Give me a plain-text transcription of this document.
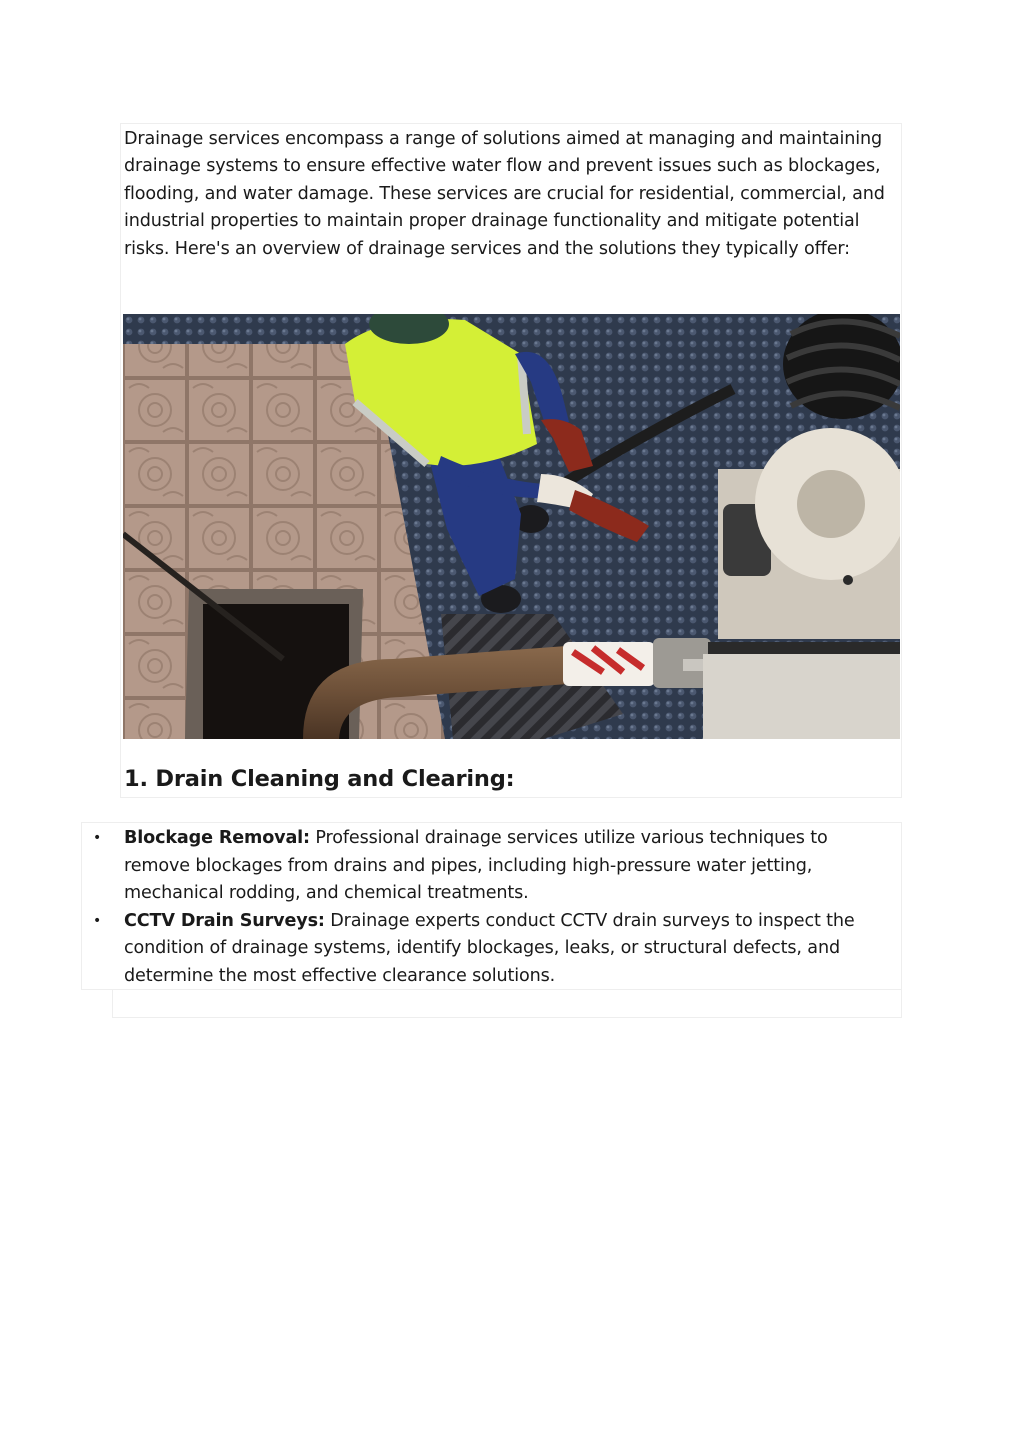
Drainage services encompass a range of solutions aimed at managing and maintaining drainage systems to ensure effective water flow and prevent issues such as blockages, flooding, and water damage. These services are crucial for residential, commercial, and industrial properties to maintain proper drainage functionality and mitigate potential risks. Here's an overview of drainage services and the solutions they typically offer:

1. Drain Cleaning and Clearing:
• Blockage Removal: Professional drainage services utilize various techniques to remove blockages from drains and pipes, including high-pressure water jetting, mechanical rodding, and chemical treatments.
• CCTV Drain Surveys: Drainage experts conduct CCTV drain surveys to inspect the condition of drainage systems, identify blockages, leaks, or structural defects, and determine the most effective clearance solutions.
